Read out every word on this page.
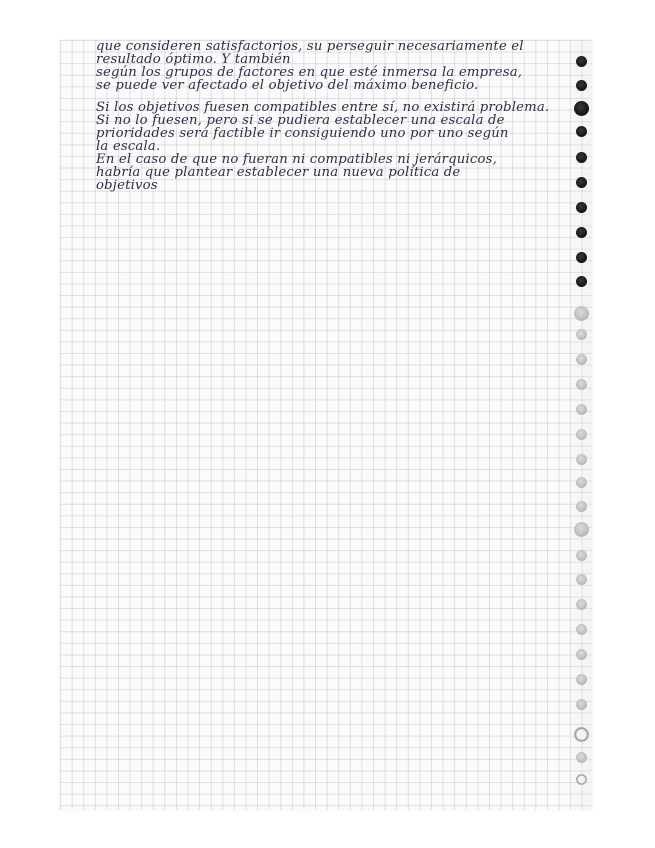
que consideren satisfactorios, su perseguir necesariamente el
resultado óptimo. Y también
según los grupos de factores en que esté inmersa la empresa,
se puede ver afectado el objetivo del máximo beneficio.
Si los objetivos fuesen compatibles entre sí, no existirá problema.
Si no lo fuesen, pero si se pudiera establecer una escala de
prioridades será factible ir consiguiendo uno por uno según
la escala.
En el caso de que no fueran ni compatibles ni jerárquicos,
habría que plantear establecer una nueva política de
objetivos
